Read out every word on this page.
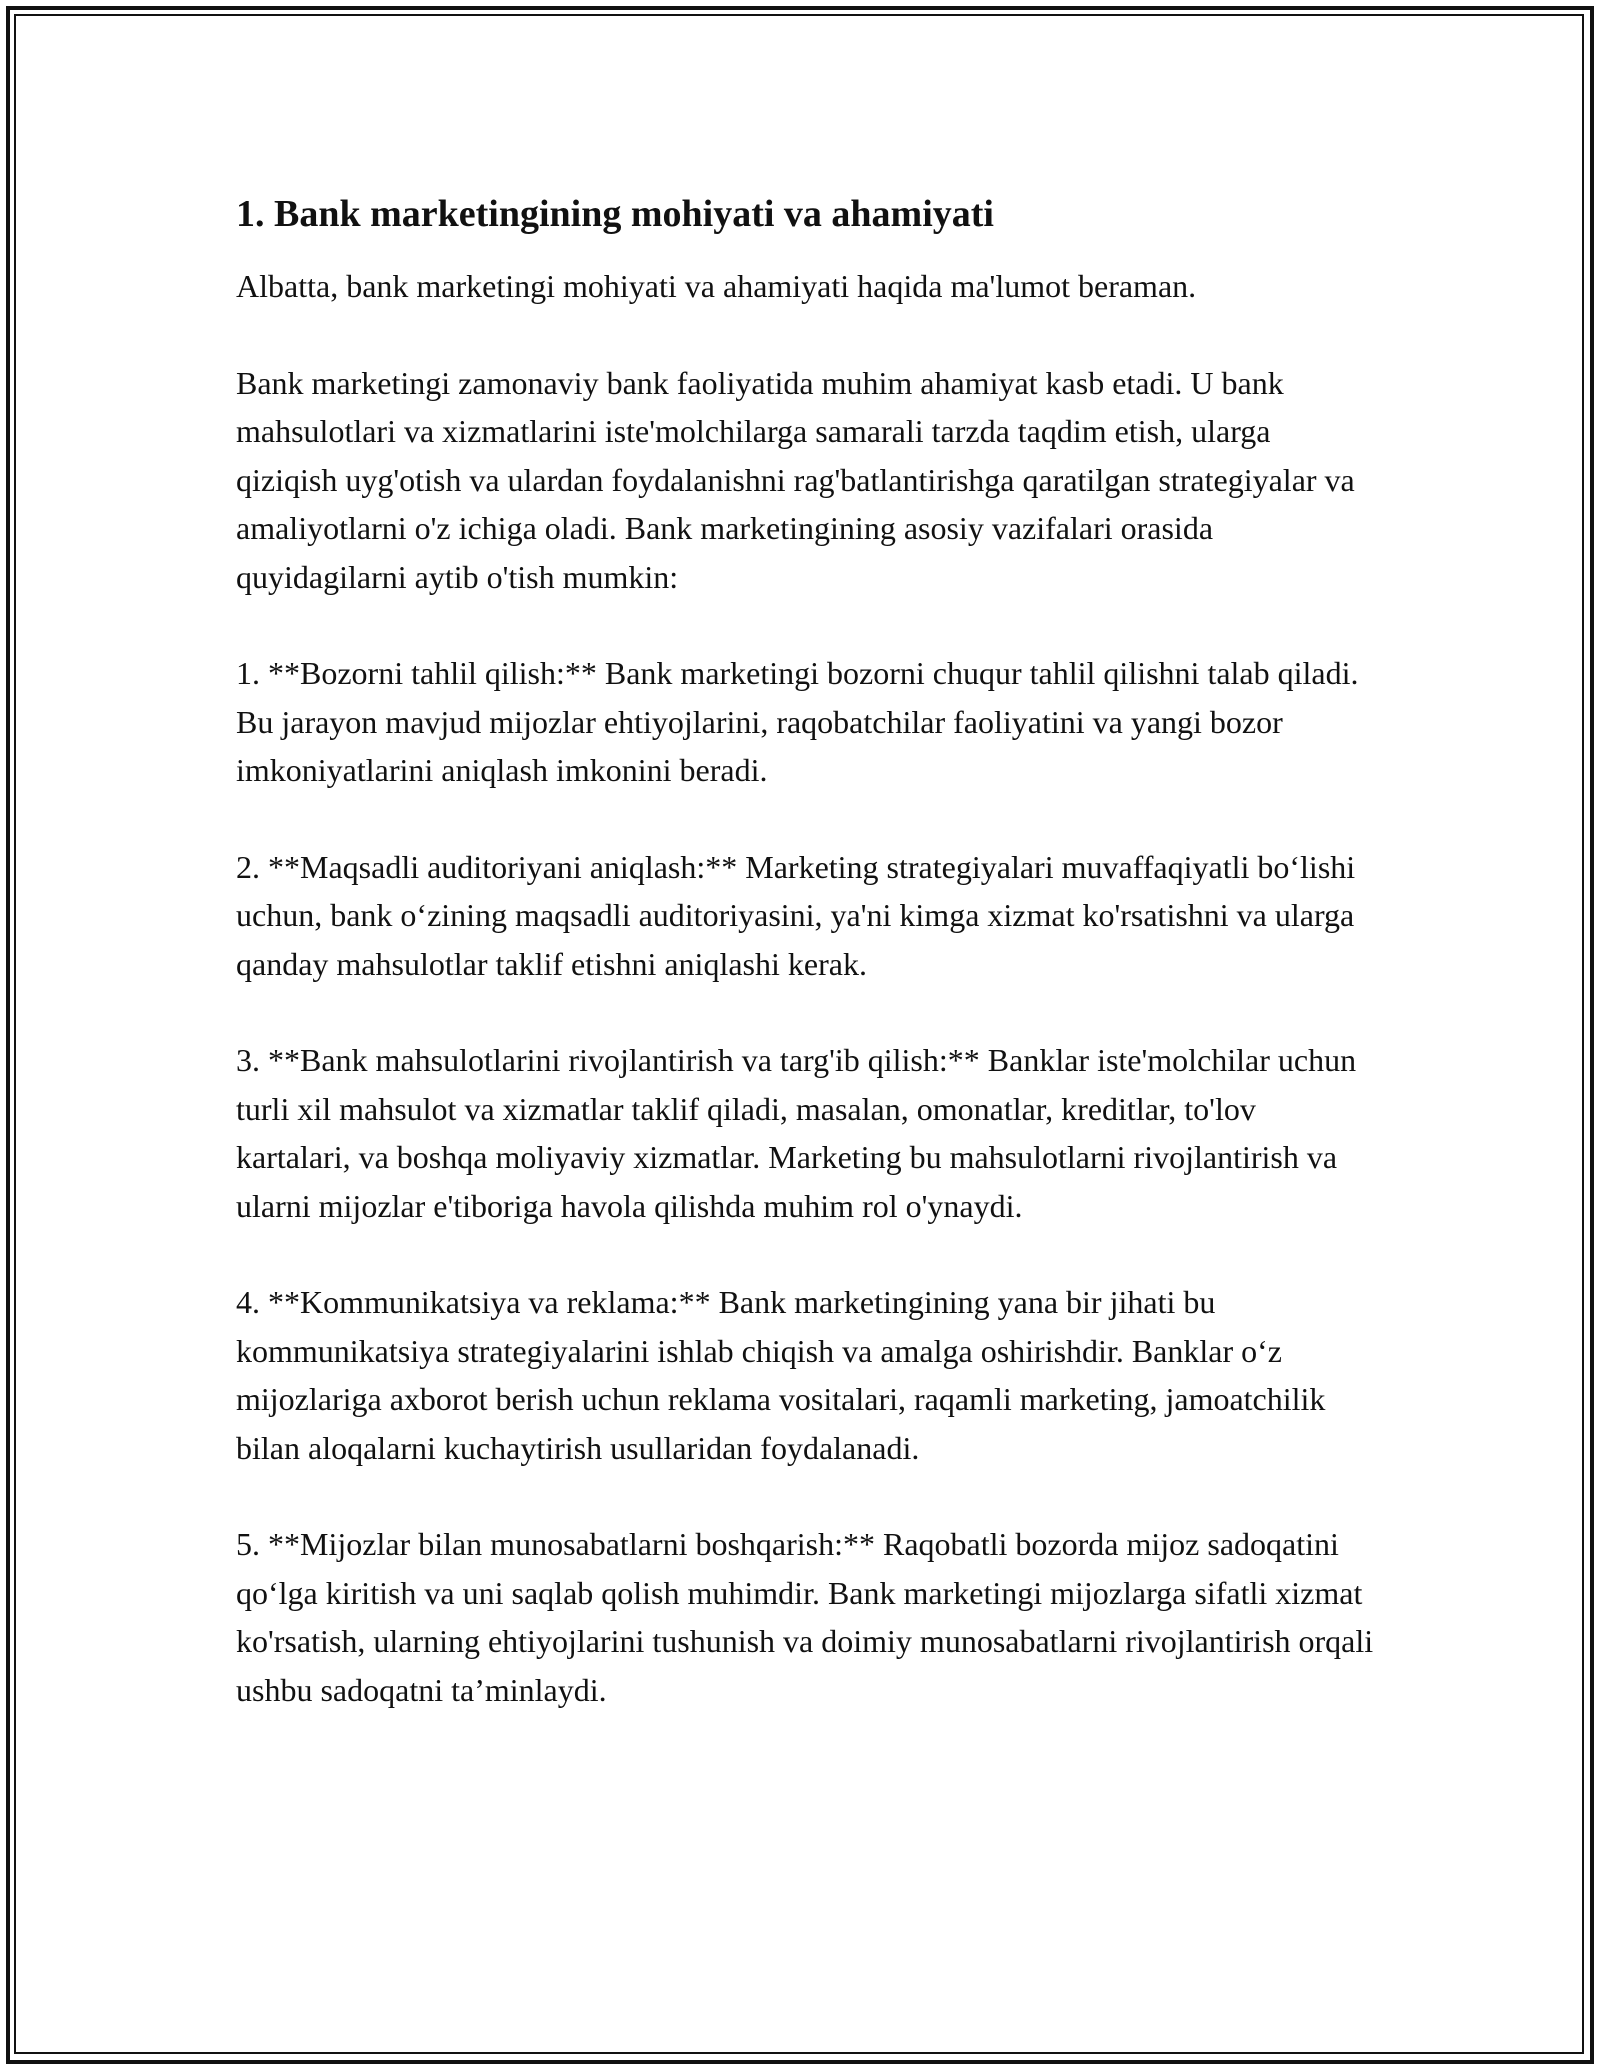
1. Bank marketingining mohiyati va ahamiyati

Albatta, bank marketingi mohiyati va ahamiyati haqida ma'lumot beraman.

Bank marketingi zamonaviy bank faoliyatida muhim ahamiyat kasb etadi. U bank mahsulotlari va xizmatlarini iste'molchilarga samarali tarzda taqdim etish, ularga qiziqish uyg'otish va ulardan foydalanishni rag'batlantirishga qaratilgan strategiyalar va amaliyotlarni o'z ichiga oladi. Bank marketingining asosiy vazifalari orasida quyidagilarni aytib o'tish mumkin:

1. **Bozorni tahlil qilish:** Bank marketingi bozorni chuqur tahlil qilishni talab qiladi. Bu jarayon mavjud mijozlar ehtiyojlarini, raqobatchilar faoliyatini va yangi bozor imkoniyatlarini aniqlash imkonini beradi.

2. **Maqsadli auditoriyani aniqlash:** Marketing strategiyalari muvaffaqiyatli bo‘lishi uchun, bank o‘zining maqsadli auditoriyasini, ya'ni kimga xizmat ko'rsatishni va ularga qanday mahsulotlar taklif etishni aniqlashi kerak.

3. **Bank mahsulotlarini rivojlantirish va targ'ib qilish:** Banklar iste'molchilar uchun turli xil mahsulot va xizmatlar taklif qiladi, masalan, omonatlar, kreditlar, to'lov kartalari, va boshqa moliyaviy xizmatlar. Marketing bu mahsulotlarni rivojlantirish va ularni mijozlar e'tiboriga havola qilishda muhim rol o'ynaydi.

4. **Kommunikatsiya va reklama:** Bank marketingining yana bir jihati bu kommunikatsiya strategiyalarini ishlab chiqish va amalga oshirishdir. Banklar o‘z mijozlariga axborot berish uchun reklama vositalari, raqamli marketing, jamoatchilik bilan aloqalarni kuchaytirish usullaridan foydalanadi.

5. **Mijozlar bilan munosabatlarni boshqarish:** Raqobatli bozorda mijoz sadoqatini qo‘lga kiritish va uni saqlab qolish muhimdir. Bank marketingi mijozlarga sifatli xizmat ko'rsatish, ularning ehtiyojlarini tushunish va doimiy munosabatlarni rivojlantirish orqali ushbu sadoqatni ta’minlaydi.
